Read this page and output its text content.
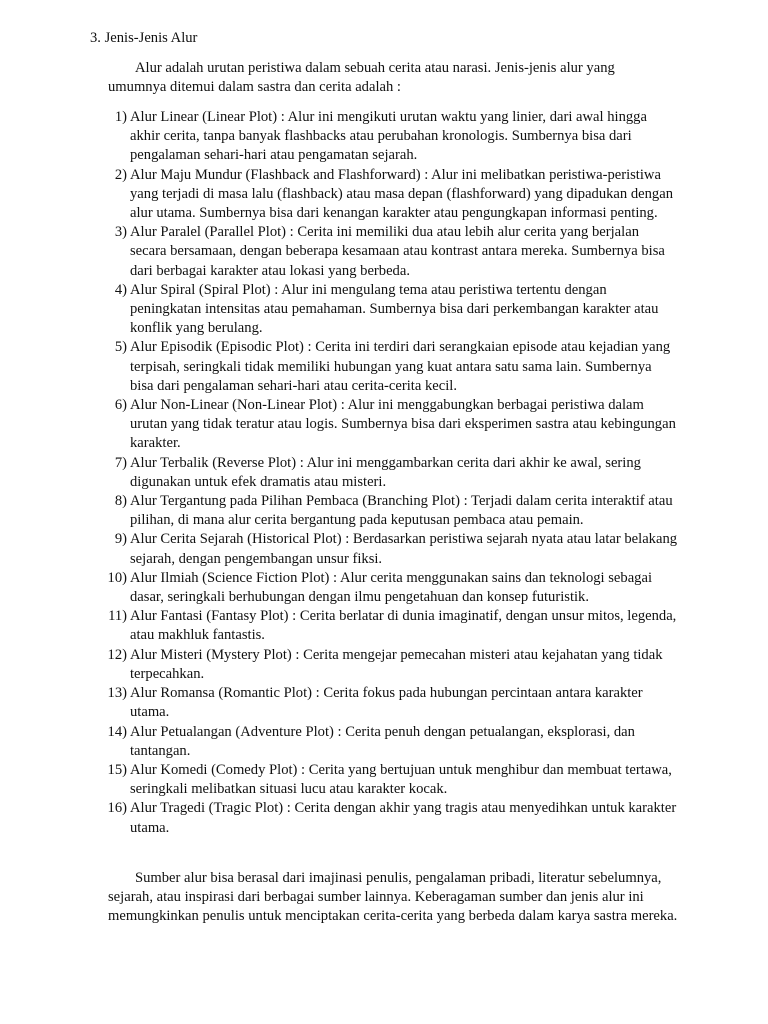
3. Jenis-Jenis Alur

Alur adalah urutan peristiwa dalam sebuah cerita atau narasi. Jenis-jenis alur yang
umumnya ditemui dalam sastra dan cerita adalah :

1) Alur Linear (Linear Plot) : Alur ini mengikuti urutan waktu yang linier, dari awal hingga akhir cerita, tanpa banyak flashbacks atau perubahan kronologis. Sumbernya bisa dari pengalaman sehari-hari atau pengamatan sejarah.
2) Alur Maju Mundur (Flashback and Flashforward) : Alur ini melibatkan peristiwa-peristiwa yang terjadi di masa lalu (flashback) atau masa depan (flashforward) yang dipadukan dengan alur utama. Sumbernya bisa dari kenangan karakter atau pengungkapan informasi penting.
3) Alur Paralel (Parallel Plot) : Cerita ini memiliki dua atau lebih alur cerita yang berjalan secara bersamaan, dengan beberapa kesamaan atau kontrast antara mereka. Sumbernya bisa dari berbagai karakter atau lokasi yang berbeda.
4) Alur Spiral (Spiral Plot) : Alur ini mengulang tema atau peristiwa tertentu dengan peningkatan intensitas atau pemahaman. Sumbernya bisa dari perkembangan karakter atau konflik yang berulang.
5) Alur Episodik (Episodic Plot) : Cerita ini terdiri dari serangkaian episode atau kejadian yang terpisah, seringkali tidak memiliki hubungan yang kuat antara satu sama lain. Sumbernya bisa dari pengalaman sehari-hari atau cerita-cerita kecil.
6) Alur Non-Linear (Non-Linear Plot) : Alur ini menggabungkan berbagai peristiwa dalam urutan yang tidak teratur atau logis. Sumbernya bisa dari eksperimen sastra atau kebingungan karakter.
7) Alur Terbalik (Reverse Plot) : Alur ini menggambarkan cerita dari akhir ke awal, sering digunakan untuk efek dramatis atau misteri.
8) Alur Tergantung pada Pilihan Pembaca (Branching Plot) : Terjadi dalam cerita interaktif atau pilihan, di mana alur cerita bergantung pada keputusan pembaca atau pemain.
9) Alur Cerita Sejarah (Historical Plot) : Berdasarkan peristiwa sejarah nyata atau latar belakang sejarah, dengan pengembangan unsur fiksi.
10) Alur Ilmiah (Science Fiction Plot) : Alur cerita menggunakan sains dan teknologi sebagai dasar, seringkali berhubungan dengan ilmu pengetahuan dan konsep futuristik.
11) Alur Fantasi (Fantasy Plot) : Cerita berlatar di dunia imaginatif, dengan unsur mitos, legenda, atau makhluk fantastis.
12) Alur Misteri (Mystery Plot) : Cerita mengejar pemecahan misteri atau kejahatan yang tidak terpecahkan.
13) Alur Romansa (Romantic Plot) : Cerita fokus pada hubungan percintaan antara karakter utama.
14) Alur Petualangan (Adventure Plot) : Cerita penuh dengan petualangan, eksplorasi, dan tantangan.
15) Alur Komedi (Comedy Plot) : Cerita yang bertujuan untuk menghibur dan membuat tertawa, seringkali melibatkan situasi lucu atau karakter kocak.
16) Alur Tragedi (Tragic Plot) : Cerita dengan akhir yang tragis atau menyedihkan untuk karakter utama.

Sumber alur bisa berasal dari imajinasi penulis, pengalaman pribadi, literatur sebelumnya, sejarah, atau inspirasi dari berbagai sumber lainnya. Keberagaman sumber dan jenis alur ini memungkinkan penulis untuk menciptakan cerita-cerita yang berbeda dalam karya sastra mereka.
